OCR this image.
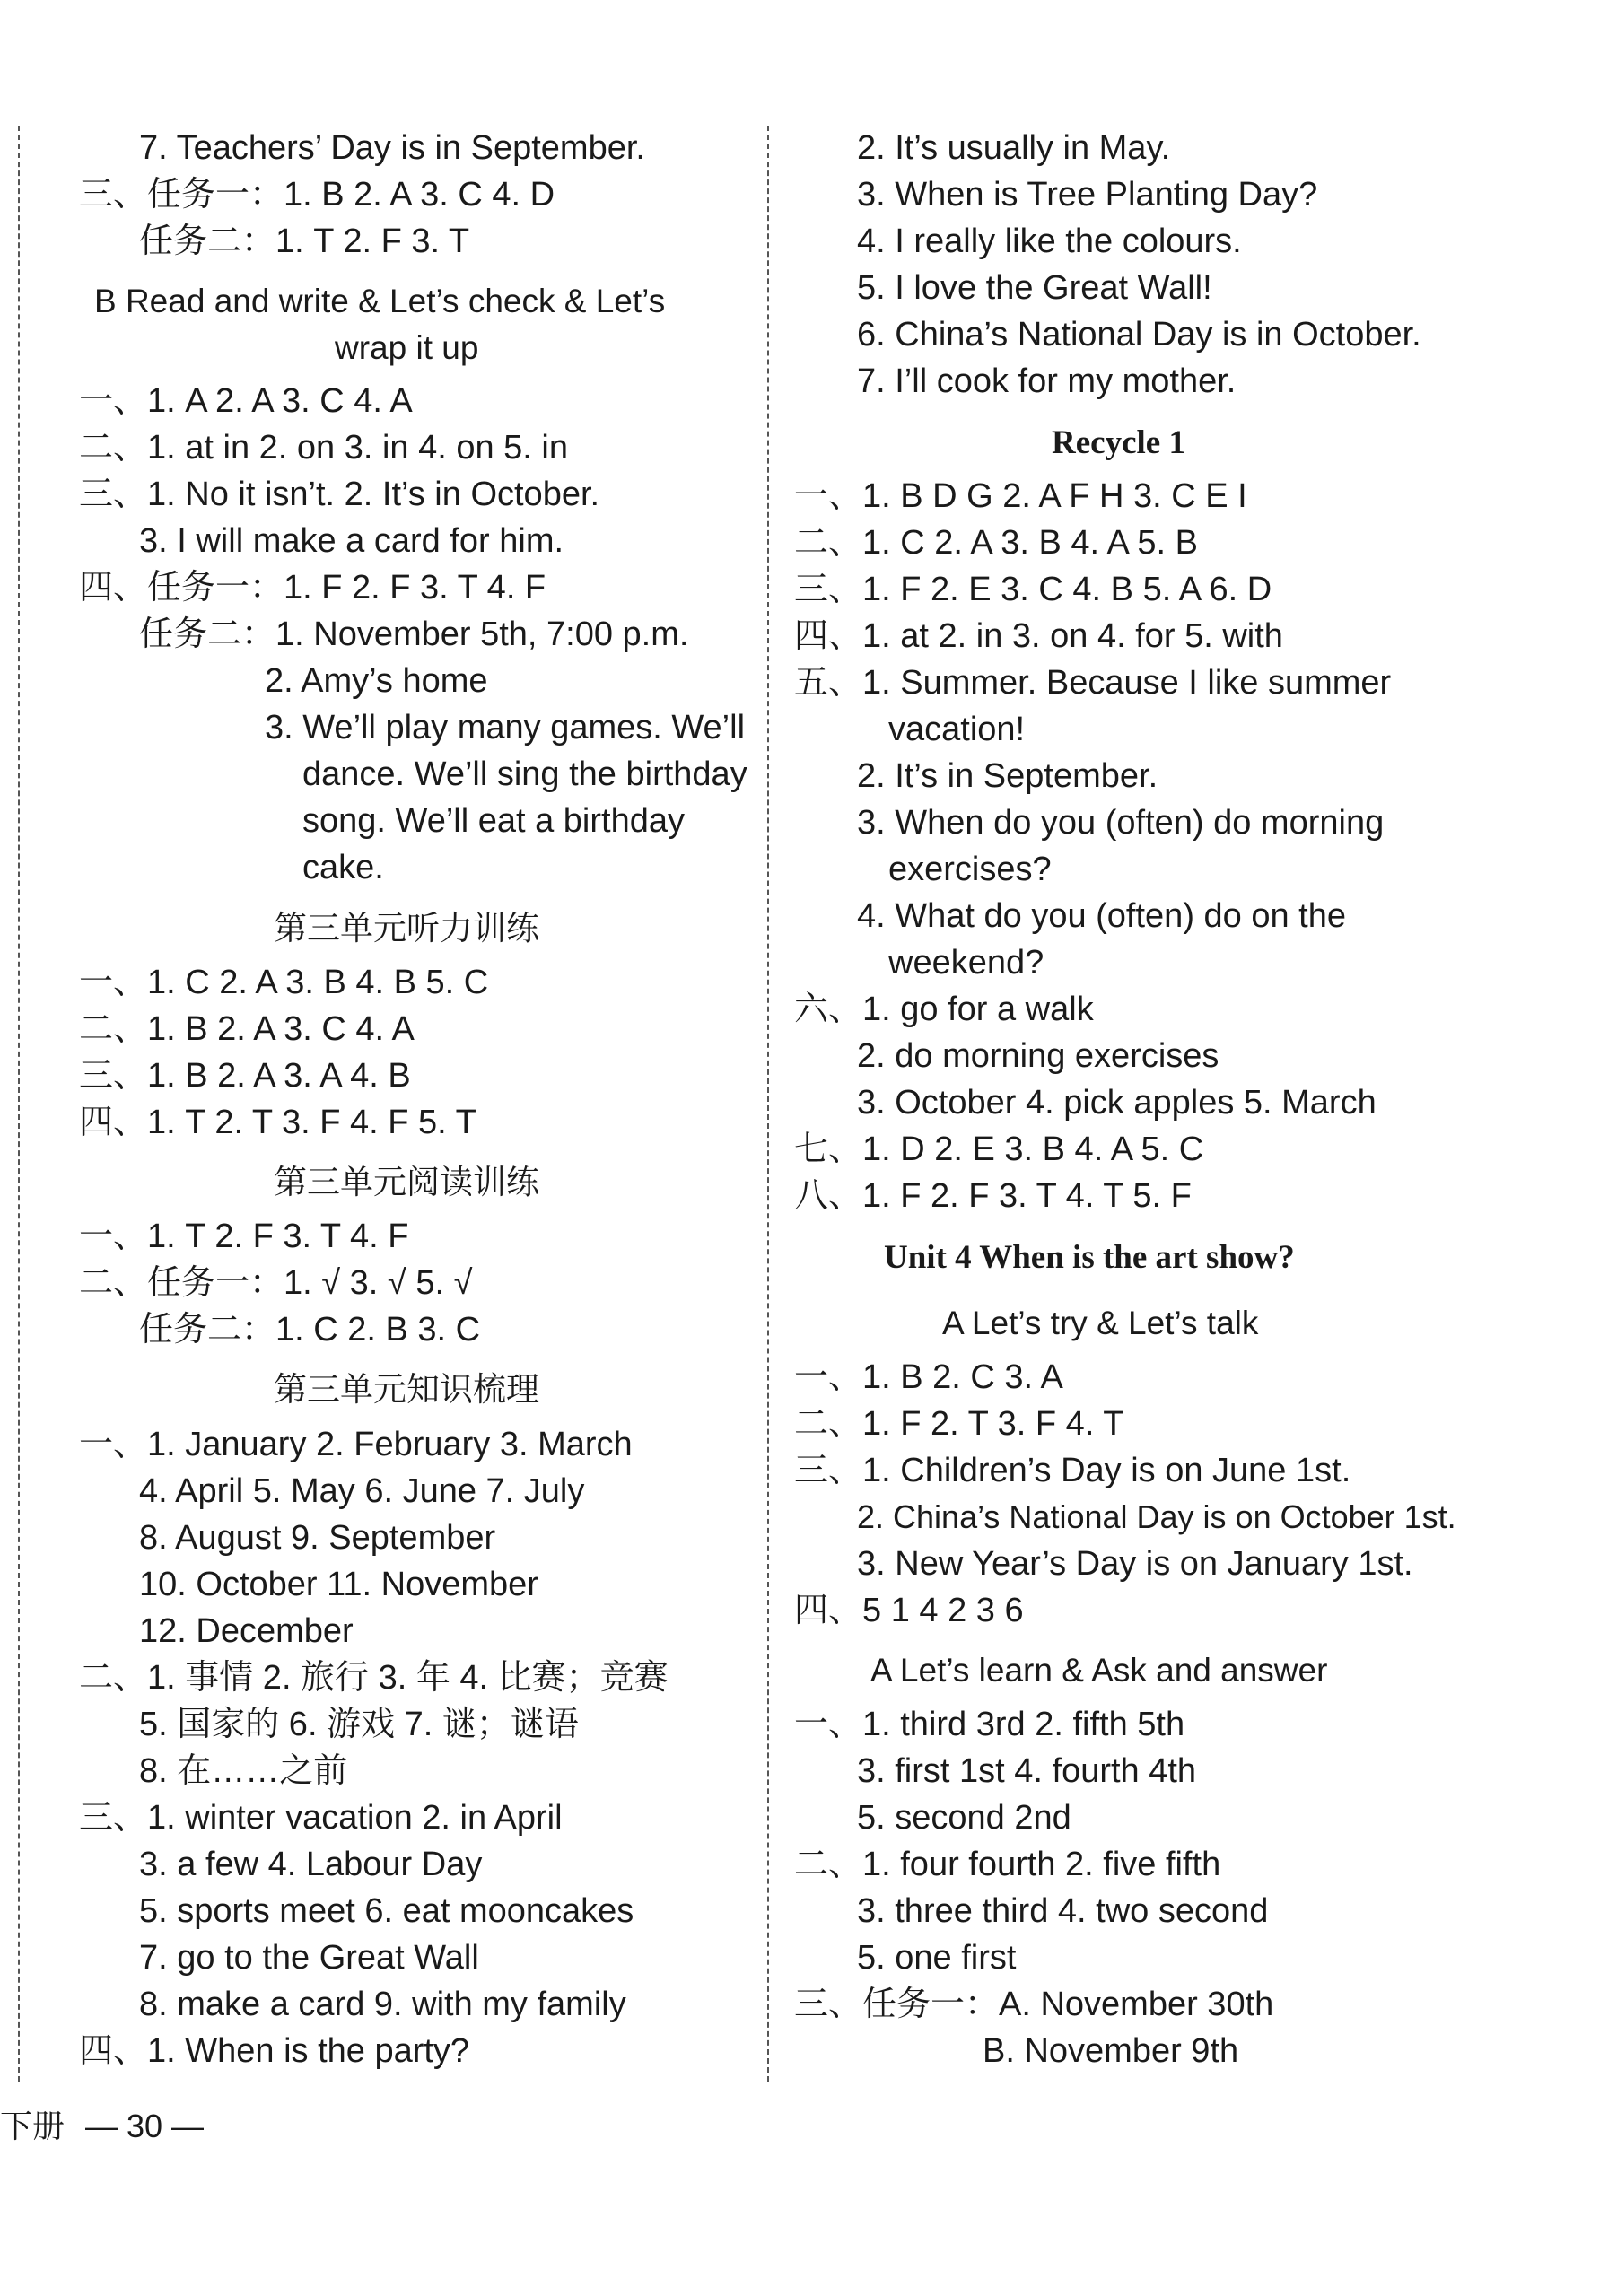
7. Teachers’ Day is in September.
三、任务一：1. B 2. A 3. C 4. D
任务二：1. T 2. F 3. T
B Read and write & Let’s check & Let’s
wrap it up
一、1. A 2. A 3. C 4. A
二、1. at in 2. on 3. in 4. on 5. in
三、1. No it isn’t. 2. It’s in October.
3. I will make a card for him.
四、任务一：1. F 2. F 3. T 4. F
任务二：1. November 5th, 7:00 p.m.
2. Amy’s home
3. We’ll play many games. We’ll
dance. We’ll sing the birthday
song. We’ll eat a birthday
cake.
第三单元听力训练
一、1. C 2. A 3. B 4. B 5. C
二、1. B 2. A 3. C 4. A
三、1. B 2. A 3. A 4. B
四、1. T 2. T 3. F 4. F 5. T
第三单元阅读训练
一、1. T 2. F 3. T 4. F
二、任务一：1. √ 3. √ 5. √
任务二：1. C 2. B 3. C
第三单元知识梳理
一、1. January 2. February 3. March
4. April 5. May 6. June 7. July
8. August 9. September
10. October 11. November
12. December
二、1. 事情 2. 旅行 3. 年 4. 比赛；竞赛
5. 国家的 6. 游戏 7. 谜；谜语
8. 在……之前
三、1. winter vacation 2. in April
3. a few 4. Labour Day
5. sports meet 6. eat mooncakes
7. go to the Great Wall
8. make a card 9. with my family
四、1. When is the party?
2. It’s usually in May.
3. When is Tree Planting Day?
4. I really like the colours.
5. I love the Great Wall!
6. China’s National Day is in October.
7. I’ll cook for my mother.
Recycle 1
一、1. B D G 2. A F H 3. C E I
二、1. C 2. A 3. B 4. A 5. B
三、1. F 2. E 3. C 4. B 5. A 6. D
四、1. at 2. in 3. on 4. for 5. with
五、1. Summer. Because I like summer
vacation!
2. It’s in September.
3. When do you (often) do morning
exercises?
4. What do you (often) do on the
weekend?
六、1. go for a walk
2. do morning exercises
3. October 4. pick apples 5. March
七、1. D 2. E 3. B 4. A 5. C
八、1. F 2. F 3. T 4. T 5. F
Unit 4 When is the art show?
A Let’s try & Let’s talk
一、1. B 2. C 3. A
二、1. F 2. T 3. F 4. T
三、1. Children’s Day is on June 1st.
2. China’s National Day is on October 1st.
3. New Year’s Day is on January 1st.
四、5 1 4 2 3 6
A Let’s learn & Ask and answer
一、1. third 3rd 2. fifth 5th
3. first 1st 4. fourth 4th
5. second 2nd
二、1. four fourth 2. five fifth
3. three third 4. two second
5. one first
三、任务一：A. November 30th
B. November 9th
下册 — 30 —
